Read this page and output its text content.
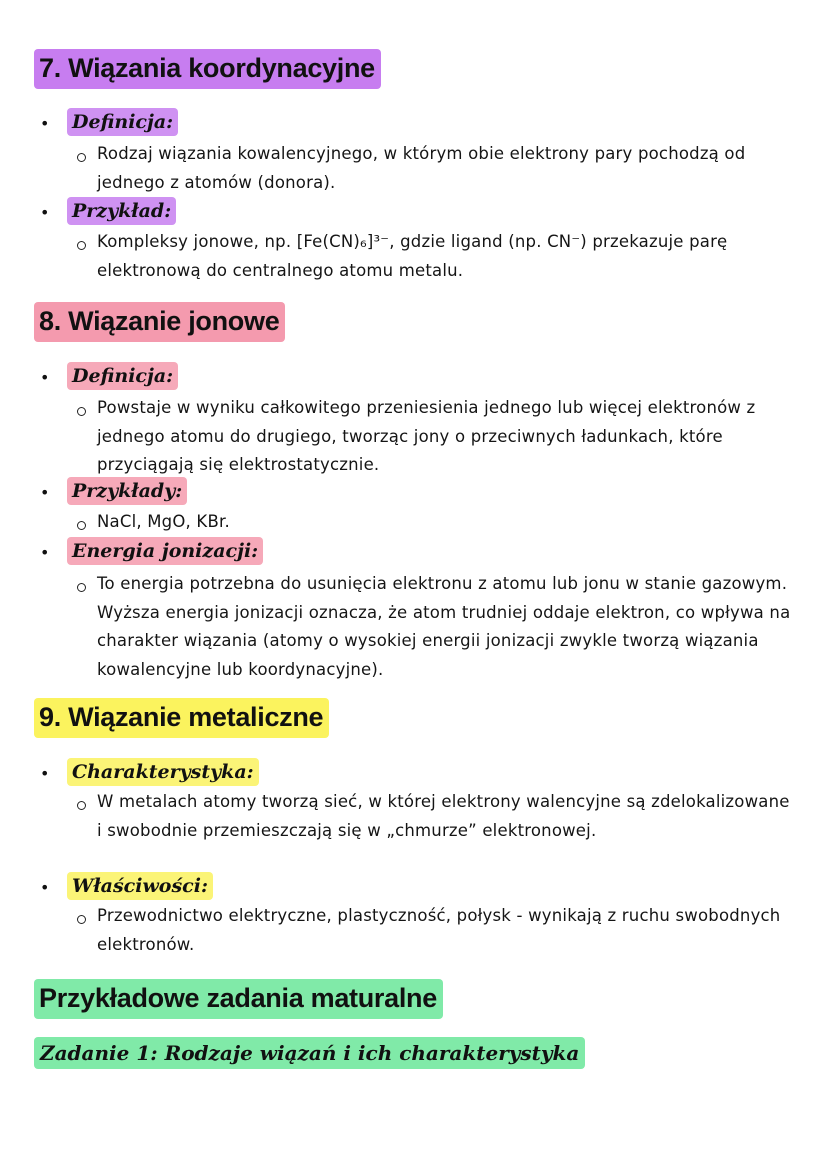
7. Wiązania koordynacyjne
• Definicja:
Rodzaj wiązania kowalencyjnego, w którym obie elektrony pary pochodzą od jednego z atomów (donora).
• Przykład:
Kompleksy jonowe, np. [Fe(CN)₆]³⁻, gdzie ligand (np. CN⁻) przekazuje parę elektronową do centralnego atomu metalu.
8. Wiązanie jonowe
• Definicja:
Powstaje w wyniku całkowitego przeniesienia jednego lub więcej elektronów z jednego atomu do drugiego, tworząc jony o przeciwnych ładunkach, które przyciągają się elektrostatycznie.
• Przykłady:
NaCl, MgO, KBr.
• Energia jonizacji:
To energia potrzebna do usunięcia elektronu z atomu lub jonu w stanie gazowym. Wyższa energia jonizacji oznacza, że atom trudniej oddaje elektron, co wpływa na charakter wiązania (atomy o wysokiej energii jonizacji zwykle tworzą wiązania kowalencyjne lub koordynacyjne).
9. Wiązanie metaliczne
• Charakterystyka:
W metalach atomy tworzą sieć, w której elektrony walencyjne są zdelokalizowane i swobodnie przemieszczają się w „chmurze” elektronowej.
• Właściwości:
Przewodnictwo elektryczne, plastyczność, połysk - wynikają z ruchu swobodnych elektronów.
Przykładowe zadania maturalne
Zadanie 1: Rodzaje wiązań i ich charakterystyka
